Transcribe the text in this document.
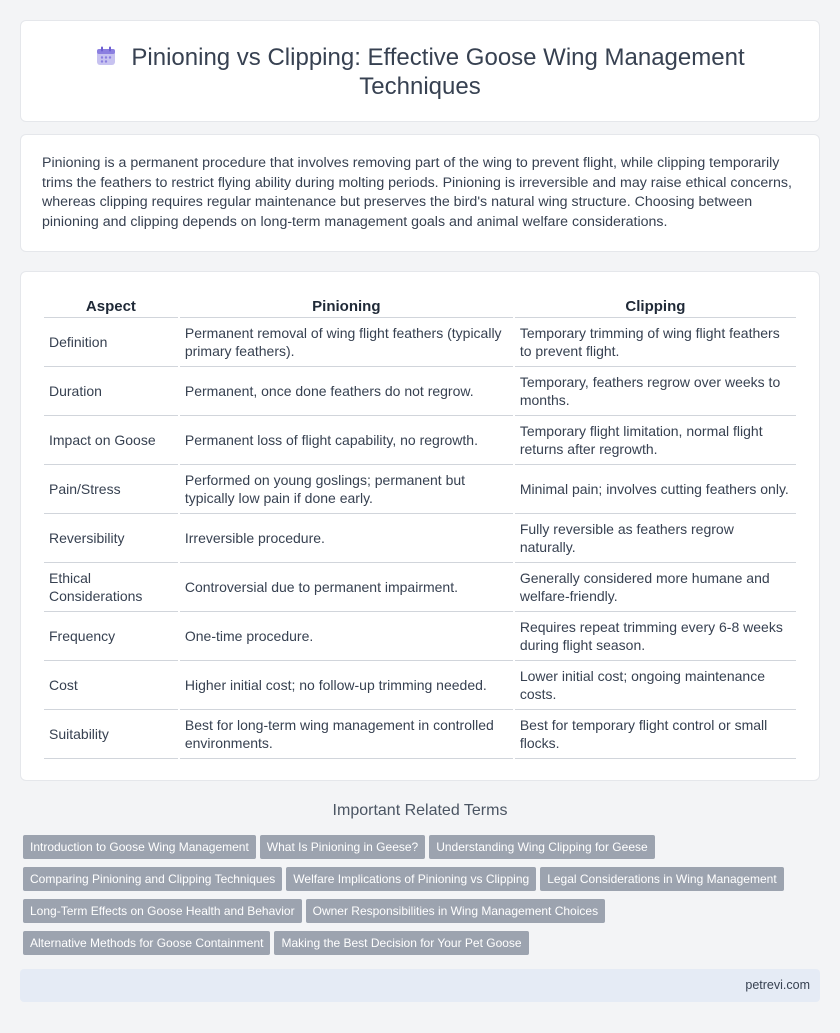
Pinioning vs Clipping: Effective Goose Wing Management Techniques

Pinioning is a permanent procedure that involves removing part of the wing to prevent flight, while clipping temporarily trims the feathers to restrict flying ability during molting periods. Pinioning is irreversible and may raise ethical concerns, whereas clipping requires regular maintenance but preserves the bird's natural wing structure. Choosing between pinioning and clipping depends on long-term management goals and animal welfare considerations.

Aspect	Pinioning	Clipping
Definition	Permanent removal of wing flight feathers (typically primary feathers).	Temporary trimming of wing flight feathers to prevent flight.
Duration	Permanent, once done feathers do not regrow.	Temporary, feathers regrow over weeks to months.
Impact on Goose	Permanent loss of flight capability, no regrowth.	Temporary flight limitation, normal flight returns after regrowth.
Pain/Stress	Performed on young goslings; permanent but typically low pain if done early.	Minimal pain; involves cutting feathers only.
Reversibility	Irreversible procedure.	Fully reversible as feathers regrow naturally.
Ethical Considerations	Controversial due to permanent impairment.	Generally considered more humane and welfare-friendly.
Frequency	One-time procedure.	Requires repeat trimming every 6-8 weeks during flight season.
Cost	Higher initial cost; no follow-up trimming needed.	Lower initial cost; ongoing maintenance costs.
Suitability	Best for long-term wing management in controlled environments.	Best for temporary flight control or small flocks.
Important Related Terms
Introduction to Goose Wing Management What Is Pinioning in Geese? Understanding Wing Clipping for Geese
Comparing Pinioning and Clipping Techniques Welfare Implications of Pinioning vs Clipping Legal Considerations in Wing Management
Long-Term Effects on Goose Health and Behavior Owner Responsibilities in Wing Management Choices
Alternative Methods for Goose Containment Making the Best Decision for Your Pet Goose
petrevi.com
